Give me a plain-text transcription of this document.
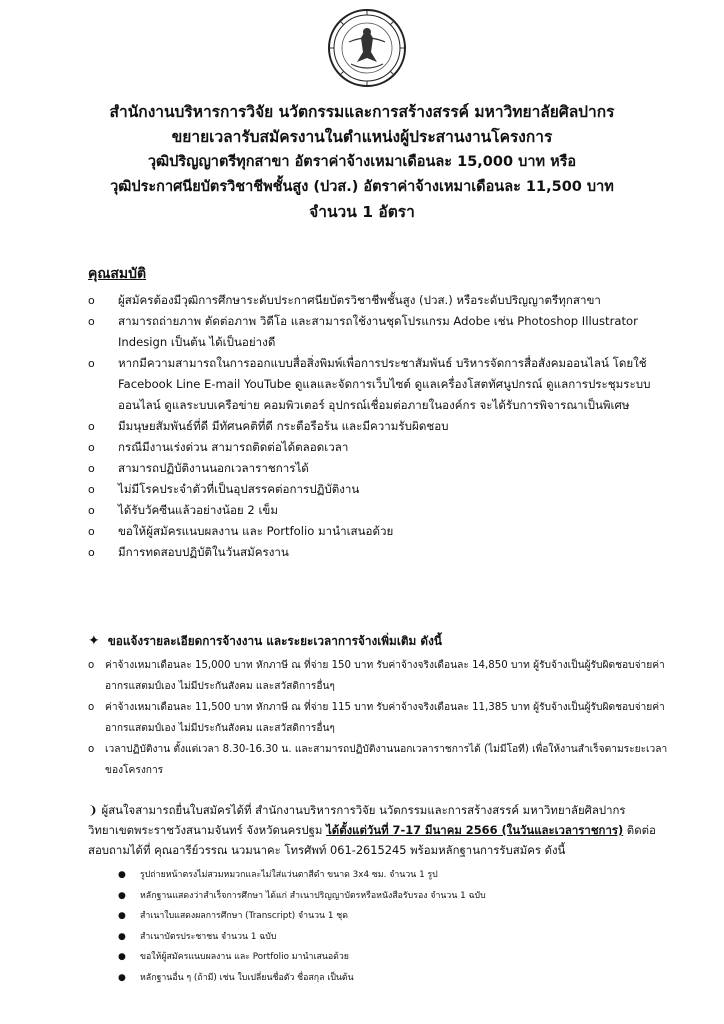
สำนักงานบริหารการวิจัย นวัตกรรมและการสร้างสรรค์ มหาวิทยาลัยศิลปากร
ขยายเวลารับสมัครงานในตำแหน่งผู้ประสานงานโครงการ
วุฒิปริญญาตรีทุกสาขา อัตราค่าจ้างเหมาเดือนละ 15,000 บาท หรือ
วุฒิประกาศนียบัตรวิชาชีพชั้นสูง (ปวส.) อัตราค่าจ้างเหมาเดือนละ 11,500 บาท
จำนวน 1 อัตรา
คุณสมบัติ
o ผู้สมัครต้องมีวุฒิการศึกษาระดับประกาศนียบัตรวิชาชีพชั้นสูง (ปวส.) หรือระดับปริญญาตรีทุกสาขา
o สามารถถ่ายภาพ ตัดต่อภาพ วิดีโอ และสามารถใช้งานชุดโปรแกรม Adobe เช่น Photoshop Illustrator Indesign เป็นต้น ได้เป็นอย่างดี
o หากมีความสามารถในการออกแบบสื่อสิ่งพิมพ์เพื่อการประชาสัมพันธ์ บริหารจัดการสื่อสังคมออนไลน์ โดยใช้ Facebook Line E-mail YouTube ดูแลและจัดการเว็บไซต์ ดูแลเครื่องโสตทัศนูปกรณ์ ดูแลการประชุมระบบออนไลน์ ดูแลระบบเครือข่าย คอมพิวเตอร์ อุปกรณ์เชื่อมต่อภายในองค์กร จะได้รับการพิจารณาเป็นพิเศษ
o มีมนุษยสัมพันธ์ที่ดี มีทัศนคติที่ดี กระตือรือร้น และมีความรับผิดชอบ
o กรณีมีงานเร่งด่วน สามารถติดต่อได้ตลอดเวลา
o สามารถปฏิบัติงานนอกเวลาราชการได้
o ไม่มีโรคประจำตัวที่เป็นอุปสรรคต่อการปฏิบัติงาน
o ได้รับวัคซีนแล้วอย่างน้อย 2 เข็ม
o ขอให้ผู้สมัครแนบผลงาน และ Portfolio มานำเสนอด้วย
o มีการทดสอบปฏิบัติในวันสมัครงาน
✦ ขอแจ้งรายละเอียดการจ้างงาน และระยะเวลาการจ้างเพิ่มเติม ดังนี้
o ค่าจ้างเหมาเดือนละ 15,000 บาท หักภาษี ณ ที่จ่าย 150 บาท รับค่าจ้างจริงเดือนละ 14,850 บาท ผู้รับจ้างเป็นผู้รับผิดชอบจ่ายค่าอากรแสตมป์เอง ไม่มีประกันสังคม และสวัสดิการอื่นๆ
o ค่าจ้างเหมาเดือนละ 11,500 บาท หักภาษี ณ ที่จ่าย 115 บาท รับค่าจ้างจริงเดือนละ 11,385 บาท ผู้รับจ้างเป็นผู้รับผิดชอบจ่ายค่าอากรแสตมป์เอง ไม่มีประกันสังคม และสวัสดิการอื่นๆ
o เวลาปฏิบัติงาน ตั้งแต่เวลา 8.30-16.30 น. และสามารถปฏิบัติงานนอกเวลาราชการได้ (ไม่มีโอที) เพื่อให้งานสำเร็จตามระยะเวลาของโครงการ
❩ ผู้สนใจสามารถยื่นใบสมัครได้ที่ สำนักงานบริหารการวิจัย นวัตกรรมและการสร้างสรรค์ มหาวิทยาลัยศิลปากร วิทยาเขตพระราชวังสนามจันทร์ จังหวัดนครปฐม ได้ตั้งแต่วันที่ 7-17 มีนาคม 2566 (ในวันและเวลาราชการ) ติดต่อสอบถามได้ที่ คุณอารีย์วรรณ นวมนาคะ โทรศัพท์ 061-2615245 พร้อมหลักฐานการรับสมัคร ดังนี้
● รูปถ่ายหน้าตรงไม่สวมหมวกและไม่ใส่แว่นตาสีดำ ขนาด 3x4 ซม. จำนวน 1 รูป
● หลักฐานแสดงว่าสำเร็จการศึกษา ได้แก่ สำเนาปริญญาบัตรหรือหนังสือรับรอง จำนวน 1 ฉบับ
● สำเนาใบแสดงผลการศึกษา (Transcript) จำนวน 1 ชุด
● สำเนาบัตรประชาชน จำนวน 1 ฉบับ
● ขอให้ผู้สมัครแนบผลงาน และ Portfolio มานำเสนอด้วย
● หลักฐานอื่น ๆ (ถ้ามี) เช่น ใบเปลี่ยนชื่อตัว ชื่อสกุล เป็นต้น
